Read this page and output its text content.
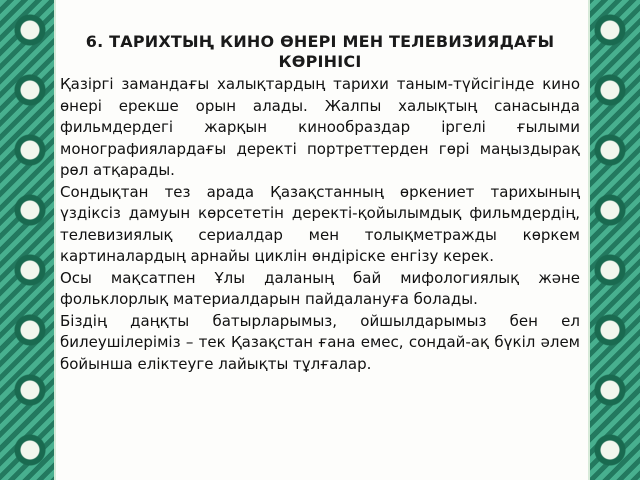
6. ТАРИХТЫҢ КИНО ӨНЕРІ МЕН ТЕЛЕВИЗИЯДАҒЫ КӨРІНІСІ

Қазіргі замандағы халықтардың тарихи таным-түйсігінде кино өнері ерекше орын алады. Жалпы халықтың санасында фильмдердегі жарқын кинообраздар іргелі ғылыми монографиялардағы деректі портреттерден гөрі маңыздырақ рөл атқарады.

Сондықтан тез арада Қазақстанның өркениет тарихының үздіксіз дамуын көрсететін деректі-қойылымдық фильмдердің, телевизиялық сериалдар мен толықметражды көркем картиналардың арнайы циклін өндіріске енгізу керек.

Осы мақсатпен Ұлы даланың бай мифологиялық және фольклорлық материалдарын пайдалануға болады.

Біздің даңқты батырларымыз, ойшылдарымыз бен ел билеушілеріміз – тек Қазақстан ғана емес, сондай-ақ бүкіл әлем бойынша еліктеуге лайықты тұлғалар.
